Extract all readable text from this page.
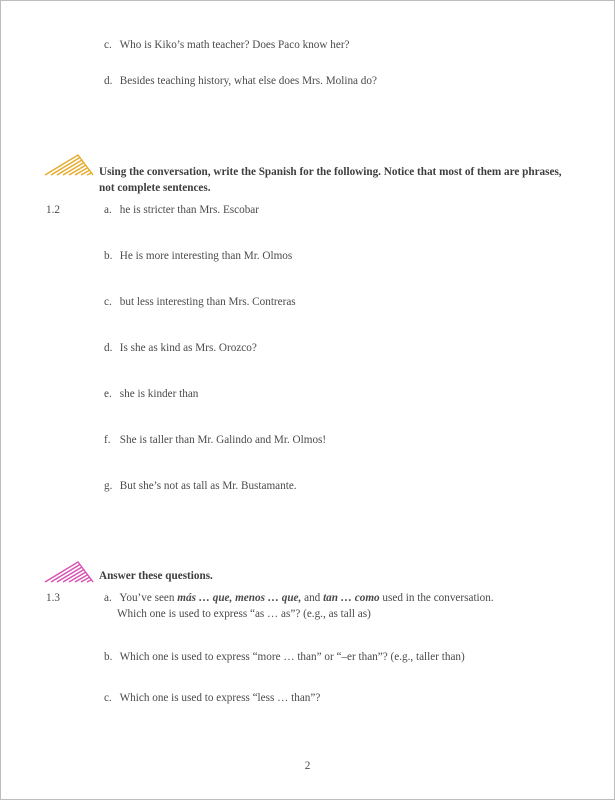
c. Who is Kiko’s math teacher? Does Paco know her?
d. Besides teaching history, what else does Mrs. Molina do?
Using the conversation, write the Spanish for the following. Notice that most of them are phrases, not complete sentences.
1.2	a. he is stricter than Mrs. Escobar
b. He is more interesting than Mr. Olmos
c. but less interesting than Mrs. Contreras
d. Is she as kind as Mrs. Orozco?
e. she is kinder than
f. She is taller than Mr. Galindo and Mr. Olmos!
g. But she’s not as tall as Mr. Bustamante.
Answer these questions.
1.3	a. You’ve seen más … que, menos … que, and tan … como used in the conversation.
Which one is used to express “as … as”? (e.g., as tall as)
b. Which one is used to express “more … than” or “–er than”? (e.g., taller than)
c. Which one is used to express “less … than”?
2
